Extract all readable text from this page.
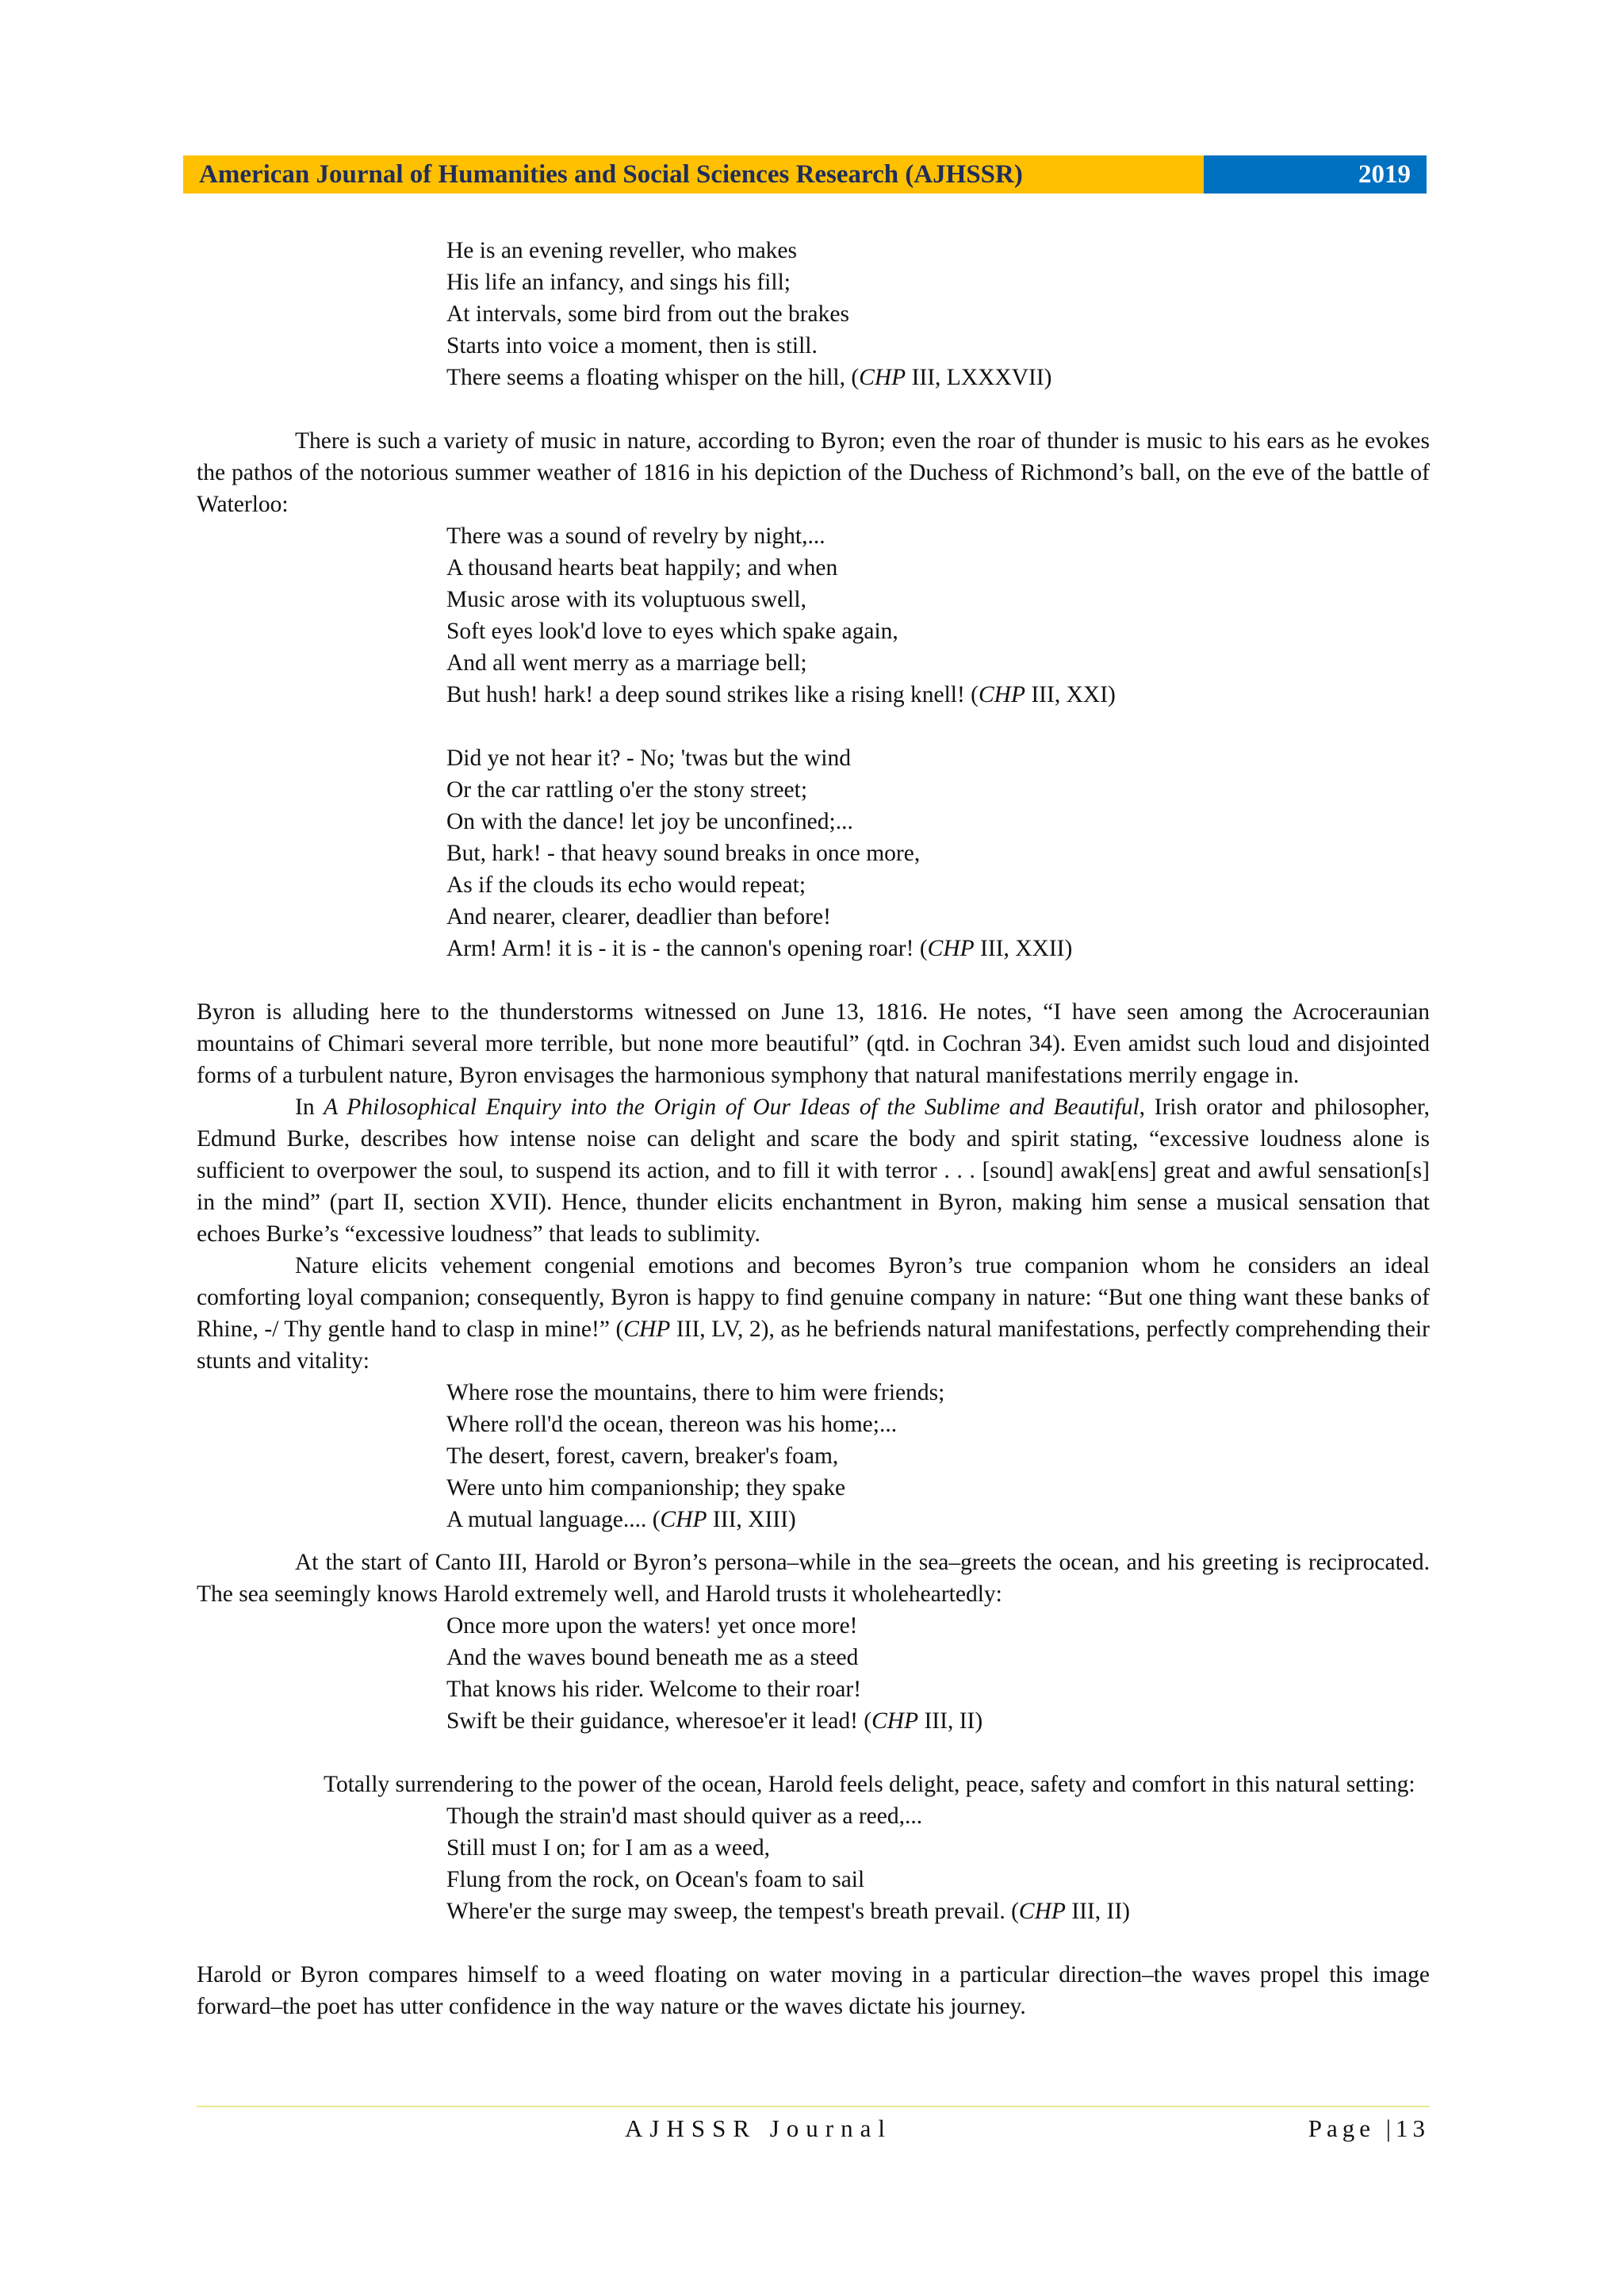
American Journal of Humanities and Social Sciences Research (AJHSSR)	2019
He is an evening reveller, who makes
His life an infancy, and sings his fill;
At intervals, some bird from out the brakes
Starts into voice a moment, then is still.
There seems a floating whisper on the hill, (CHP III, LXXXVII)

There is such a variety of music in nature, according to Byron; even the roar of thunder is music to his ears as he evokes the pathos of the notorious summer weather of 1816 in his depiction of the Duchess of Richmond’s ball, on the eve of the battle of Waterloo:

There was a sound of revelry by night,...
A thousand hearts beat happily; and when
Music arose with its voluptuous swell,
Soft eyes look'd love to eyes which spake again,
And all went merry as a marriage bell;
But hush! hark! a deep sound strikes like a rising knell! (CHP III, XXI)
Did ye not hear it? - No; 'twas but the wind
Or the car rattling o'er the stony street;
On with the dance! let joy be unconfined;...
But, hark! - that heavy sound breaks in once more,
As if the clouds its echo would repeat;
And nearer, clearer, deadlier than before!
Arm! Arm! it is - it is - the cannon's opening roar! (CHP III, XXII)

Byron is alluding here to the thunderstorms witnessed on June 13, 1816. He notes, “I have seen among the Acroceraunian mountains of Chimari several more terrible, but none more beautiful” (qtd. in Cochran 34). Even amidst such loud and disjointed forms of a turbulent nature, Byron envisages the harmonious symphony that natural manifestations merrily engage in.

In A Philosophical Enquiry into the Origin of Our Ideas of the Sublime and Beautiful, Irish orator and philosopher, Edmund Burke, describes how intense noise can delight and scare the body and spirit stating, “excessive loudness alone is sufficient to overpower the soul, to suspend its action, and to fill it with terror . . . [sound] awak[ens] great and awful sensation[s] in the mind” (part II, section XVII). Hence, thunder elicits enchantment in Byron, making him sense a musical sensation that echoes Burke’s “excessive loudness” that leads to sublimity.

Nature elicits vehement congenial emotions and becomes Byron’s true companion whom he considers an ideal comforting loyal companion; consequently, Byron is happy to find genuine company in nature: “But one thing want these banks of Rhine, -/ Thy gentle hand to clasp in mine!” (CHP III, LV, 2), as he befriends natural manifestations, perfectly comprehending their stunts and vitality:

Where rose the mountains, there to him were friends;
Where roll'd the ocean, thereon was his home;...
The desert, forest, cavern, breaker's foam,
Were unto him companionship; they spake
A mutual language.... (CHP III, XIII)

At the start of Canto III, Harold or Byron’s persona–while in the sea–greets the ocean, and his greeting is reciprocated. The sea seemingly knows Harold extremely well, and Harold trusts it wholeheartedly:

Once more upon the waters! yet once more!
And the waves bound beneath me as a steed
That knows his rider. Welcome to their roar!
Swift be their guidance, wheresoe'er it lead! (CHP III, II)

Totally surrendering to the power of the ocean, Harold feels delight, peace, safety and comfort in this natural setting:

Though the strain'd mast should quiver as a reed,...
Still must I on; for I am as a weed,
Flung from the rock, on Ocean's foam to sail
Where'er the surge may sweep, the tempest's breath prevail. (CHP III, II)

Harold or Byron compares himself to a weed floating on water moving in a particular direction–the waves propel this image forward–the poet has utter confidence in the way nature or the waves dictate his journey.

AJHSSR Journal	Page |13
